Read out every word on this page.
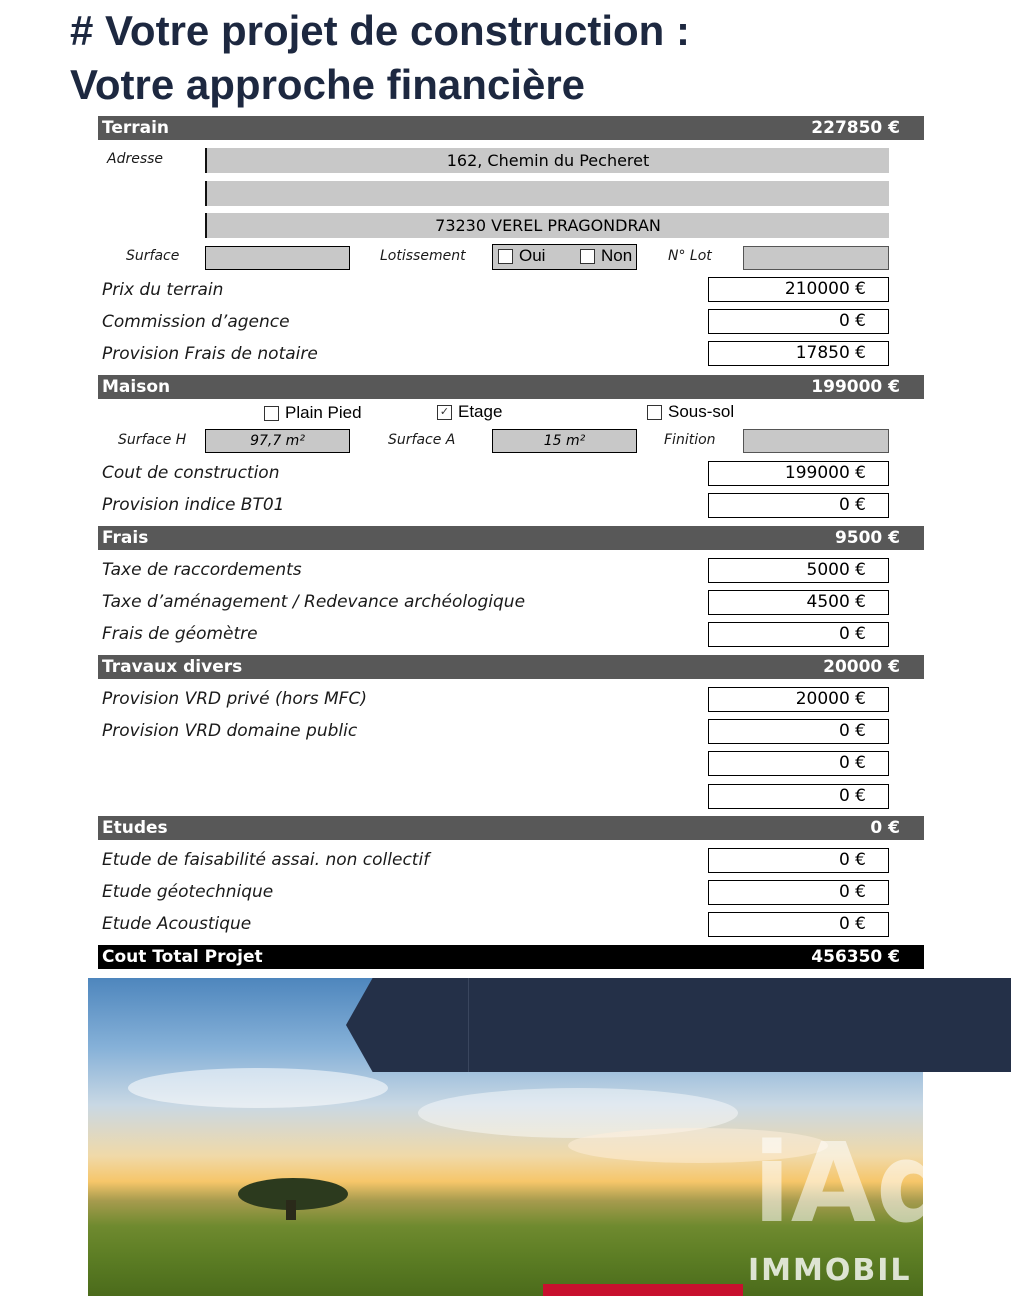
# Votre projet de construction :
Votre approche financière
Terrain	227850 €
Adresse	162, Chemin du Pecheret
73230 VEREL PRAGONDRAN
Surface	Lotissement	Oui	Non	N° Lot
Prix du terrain	210000 €
Commission d’agence	0 €
Provision Frais de notaire	17850 €
Maison	199000 €
Plain Pied	✓ Etage	Sous-sol
Surface H	97,7 m²	Surface A	15 m²	Finition
Cout de construction	199000 €
Provision indice BT01	0 €
Frais	9500 €
Taxe de raccordements	5000 €
Taxe d’aménagement / Redevance archéologique	4500 €
Frais de géomètre	0 €
Travaux divers	20000 €
Provision VRD privé (hors MFC)	20000 €
Provision VRD domaine public	0 €
0 €
0 €
Etudes	0 €
Etude de faisabilité assai. non collectif	0 €
Etude géotechnique	0 €
Etude Acoustique	0 €
Cout Total Projet	456350 €
iAd
IMMOBIL
